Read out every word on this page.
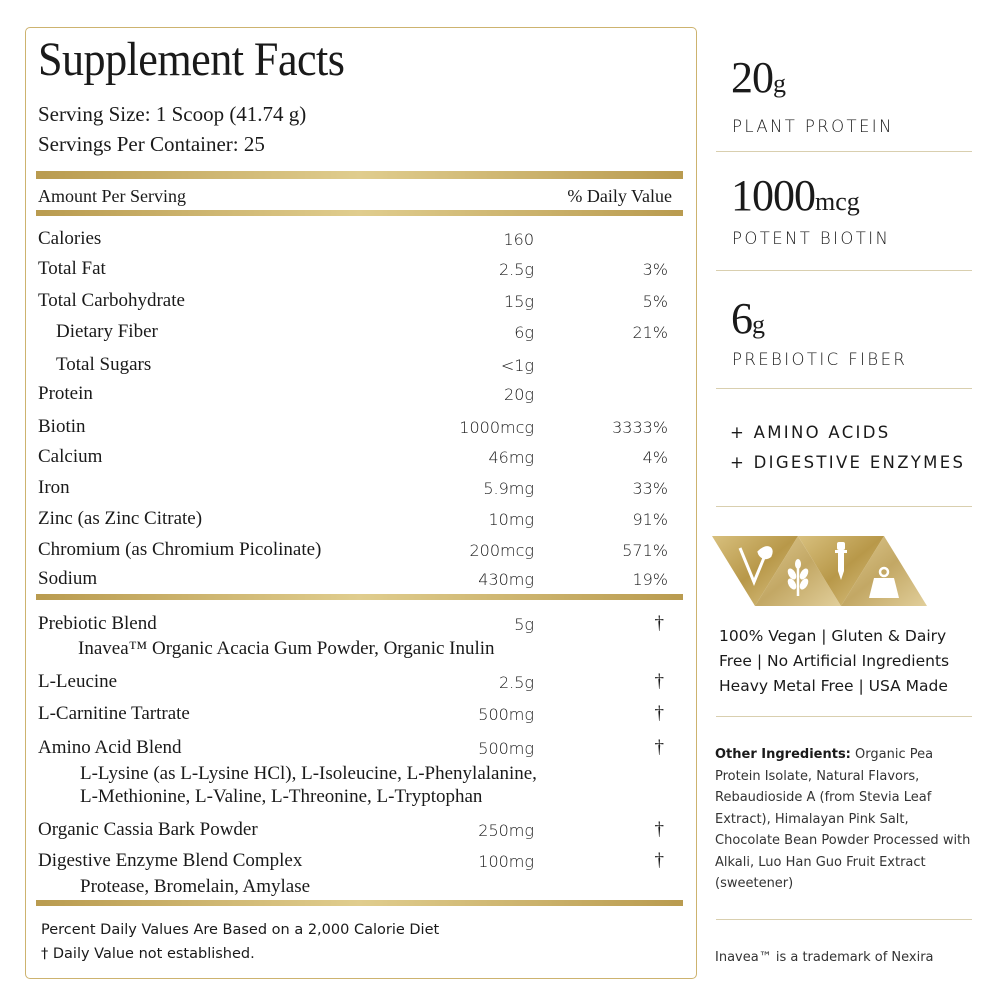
Supplement Facts
Serving Size: 1 Scoop (41.74 g)
Servings Per Container: 25
Amount Per Serving	% Daily Value
Calories	160
Total Fat	2.5g	3%
Total Carbohydrate	15g	5%
Dietary Fiber	6g	21%
Total Sugars	<1g
Protein	20g
Biotin	1000mcg	3333%
Calcium	46mg	4%
Iron	5.9mg	33%
Zinc (as Zinc Citrate)	10mg	91%
Chromium (as Chromium Picolinate)	200mcg	571%
Sodium	430mg	19%
Prebiotic Blend	5g	†
Inavea™ Organic Acacia Gum Powder, Organic Inulin
L-Leucine	2.5g	†
L-Carnitine Tartrate	500mg	†
Amino Acid Blend	500mg	†
L-Lysine (as L-Lysine HCl), L-Isoleucine, L-Phenylalanine,
L-Methionine, L-Valine, L-Threonine, L-Tryptophan
Organic Cassia Bark Powder	250mg	†
Digestive Enzyme Blend Complex	100mg	†
Protease, Bromelain, Amylase
Percent Daily Values Are Based on a 2,000 Calorie Diet
† Daily Value not established.
20g
PLANT PROTEIN
1000mcg
POTENT BIOTIN
6g
PREBIOTIC FIBER
+ AMINO ACIDS
+ DIGESTIVE ENZYMES
100% Vegan | Gluten & Dairy
Free | No Artificial Ingredients
Heavy Metal Free | USA Made
Other Ingredients: Organic Pea Protein Isolate, Natural Flavors, Rebaudioside A (from Stevia Leaf Extract), Himalayan Pink Salt, Chocolate Bean Powder Processed with Alkali, Luo Han Guo Fruit Extract (sweetener)
Inavea™ is a trademark of Nexira
